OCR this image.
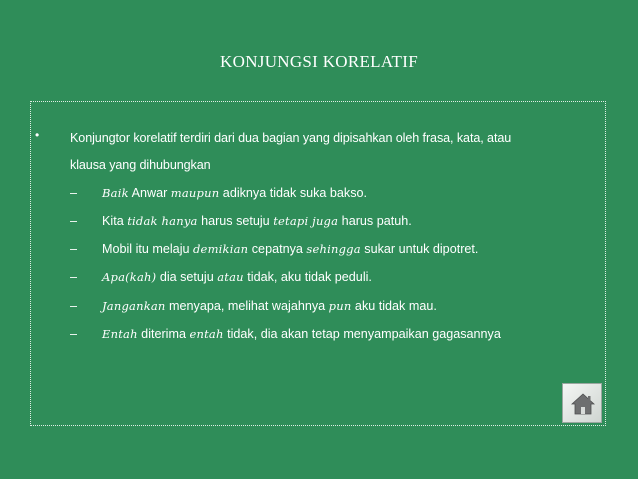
KONJUNGSI KORELATIF
• Konjungtor korelatif terdiri dari dua bagian yang dipisahkan oleh frasa, kata, atau
klausa yang dihubungkan
–	Baik Anwar maupun adiknya tidak suka bakso.
–	Kita tidak hanya harus setuju tetapi juga harus patuh.
–	Mobil itu melaju demikian cepatnya sehingga sukar untuk dipotret.
–	Apa(kah) dia setuju atau tidak, aku tidak peduli.
–	Jangankan menyapa, melihat wajahnya pun aku tidak mau.
–	Entah diterima entah tidak, dia akan tetap menyampaikan gagasannya
